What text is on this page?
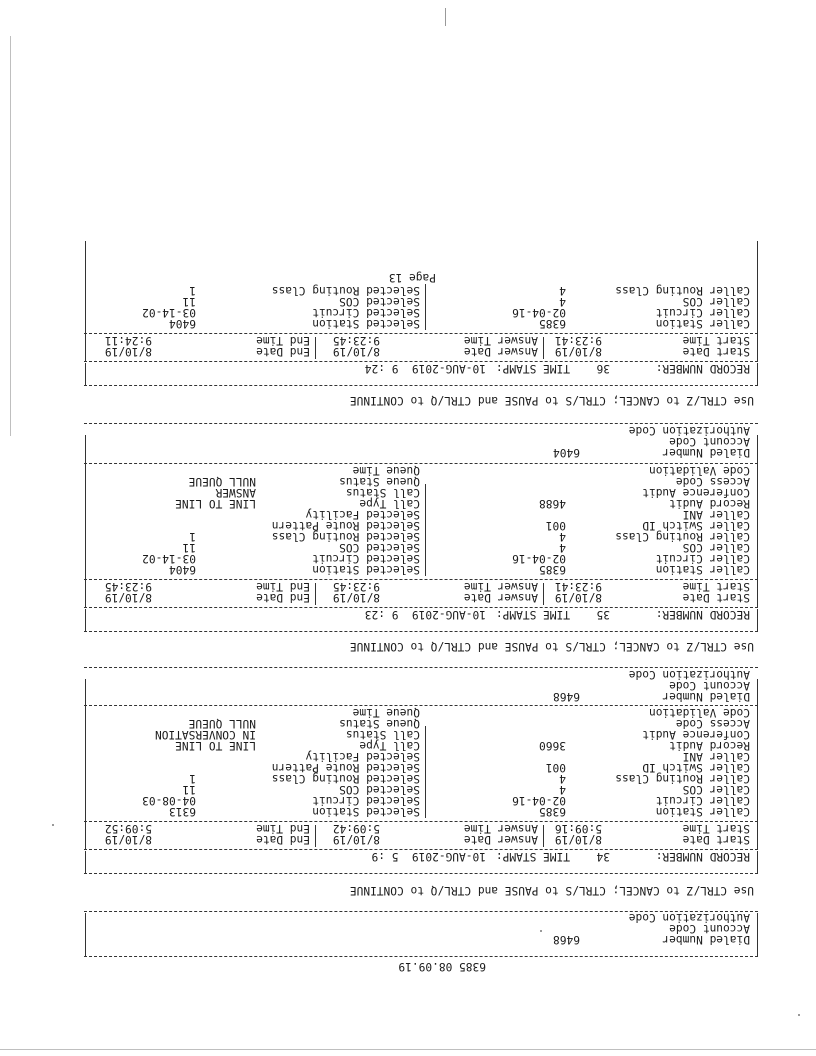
6385 08.09.19
Dialed Number
6468
Account Code
Authorization Code
Use CTRL/Z to CANCEL; CTRL/S to PAUSE and CTRL/Q to CONTINUE
RECORD NUMBER:
34
TIME STAMP:
10-AUG-2019  5 :9
Start Date
8/10/19
Answer Date
8/10/19
End Date
8/10/19
Start Time
5:09:16
Answer Time
5:09:42
End Time
5:09:52
Caller Station
6385
Caller Circuit
02-04-16
Caller COS
4
Caller Routing Class
4
Caller Switch ID
001
Caller ANI
Record Audit
3660
Conference Audit
Access Code
Code Validation
Selected Station
6313
Selected Circuit
04-08-03
Selected COS
11
Selected Routing Class
1
Selected Route Pattern
Selected Facility
Call Type
LINE TO LINE
Call Status
IN CONVERSATION
Queue Status
NULL QUEUE
Queue Time
Dialed Number
6468
Account Code
Authorization Code
Use CTRL/Z to CANCEL; CTRL/S to PAUSE and CTRL/Q to CONTINUE
RECORD NUMBER:
35
TIME STAMP:
10-AUG-2019  9 :23
Start Date
8/10/19
Answer Date
8/10/19
End Date
8/10/19
Start Time
9:23:41
Answer Time
9:23:45
End Time
9:23:45
Caller Station
6385
Caller Circuit
02-04-16
Caller COS
4
Caller Routing Class
4
Caller Switch ID
001
Caller ANI
Record Audit
4688
Conference Audit
Access Code
Code Validation
Selected Station
6404
Selected Circuit
03-14-02
Selected COS
11
Selected Routing Class
1
Selected Route Pattern
Selected Facility
Call Type
LINE TO LINE
Call Status
ANSWER
Queue Status
NULL QUEUE
Queue Time
Dialed Number
6404
Account Code
Authorization Code
Use CTRL/Z to CANCEL; CTRL/S to PAUSE and CTRL/Q to CONTINUE
RECORD NUMBER:
36
TIME STAMP:
10-AUG-2019  9 :24
Start Date
8/10/19
Answer Date
8/10/19
End Date
8/10/19
Start Time
9:23:41
Answer Time
9:23:45
End Time
9:24:11
Caller Station
6385
Caller Circuit
02-04-16
Caller COS
4
Caller Routing Class
4
Selected Station
6404
Selected Circuit
03-14-02
Selected COS
11
Selected Routing Class
1
Page 13
